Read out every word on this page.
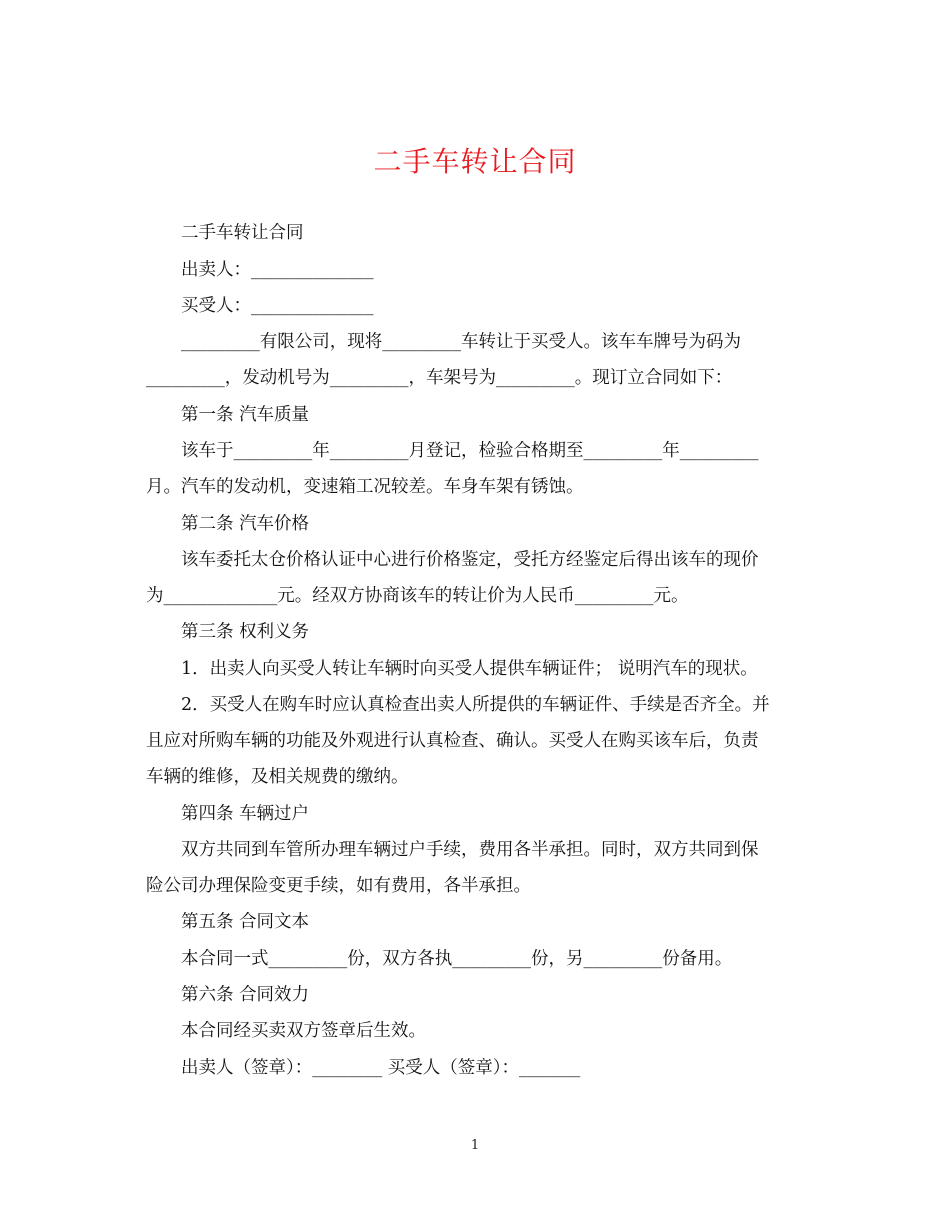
二手车转让合同
二手车转让合同
出卖人：______________
买受人：______________
_________有限公司，现将_________车转让于买受人。该车车牌号为码为
_________，发动机号为_________，车架号为_________。现订立合同如下：
第一条 汽车质量
该车于_________年_________月登记，检验合格期至_________年_________
月。汽车的发动机，变速箱工况较差。车身车架有锈蚀。
第二条 汽车价格
该车委托太仓价格认证中心进行价格鉴定，受托方经鉴定后得出该车的现价
为_____________元。经双方协商该车的转让价为人民币_________元。
第三条 权利义务
1．出卖人向买受人转让车辆时向买受人提供车辆证件； 说明汽车的现状。
2．买受人在购车时应认真检查出卖人所提供的车辆证件、手续是否齐全。并
且应对所购车辆的功能及外观进行认真检查、确认。买受人在购买该车后，负责
车辆的维修，及相关规费的缴纳。
第四条 车辆过户
双方共同到车管所办理车辆过户手续，费用各半承担。同时，双方共同到保
险公司办理保险变更手续，如有费用，各半承担。
第五条 合同文本
本合同一式_________份，双方各执_________份，另_________份备用。
第六条 合同效力
本合同经买卖双方签章后生效。
出卖人（签章）：________ 买受人（签章）：_______
1
